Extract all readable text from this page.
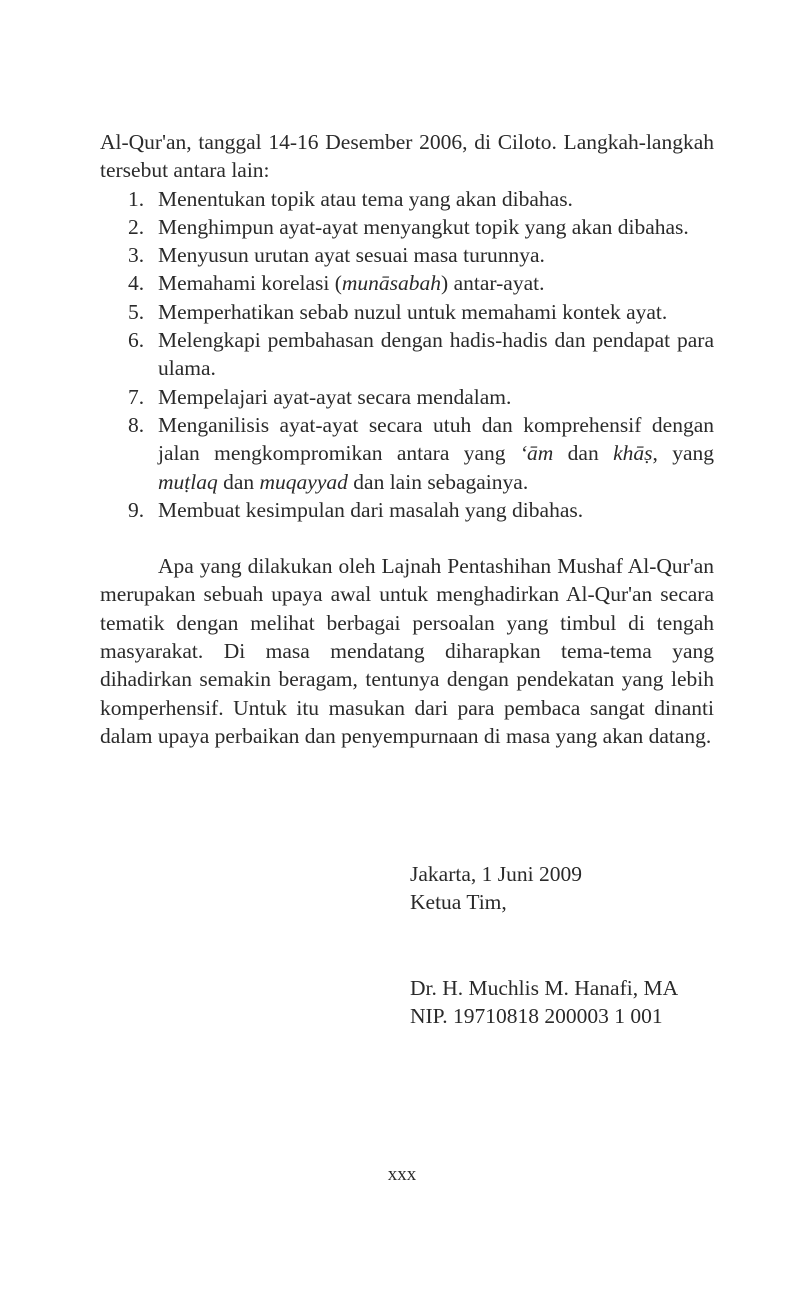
Al-Qur'an, tanggal 14-16 Desember 2006, di Ciloto. Langkah-langkah tersebut antara lain:

1. Menentukan topik atau tema yang akan dibahas.
2. Menghimpun ayat-ayat menyangkut topik yang akan dibahas.
3. Menyusun urutan ayat sesuai masa turunnya.
4. Memahami korelasi (munāsabah) antar-ayat.
5. Memperhatikan sebab nuzul untuk memahami kontek ayat.
6. Melengkapi pembahasan dengan hadis-hadis dan pendapat para ulama.
7. Mempelajari ayat-ayat secara mendalam.
8. Menganilisis ayat-ayat secara utuh dan komprehensif dengan jalan mengkompromikan antara yang ‘ām dan khāṣ, yang muṭlaq dan muqayyad dan lain sebagainya.
9. Membuat kesimpulan dari masalah yang dibahas.

Apa yang dilakukan oleh Lajnah Pentashihan Mushaf Al-Qur'an merupakan sebuah upaya awal untuk menghadirkan Al-Qur'an secara tematik dengan melihat berbagai persoalan yang timbul di tengah masyarakat. Di masa mendatang diharapkan tema-tema yang dihadirkan semakin beragam, tentunya dengan pendekatan yang lebih komperhensif. Untuk itu masukan dari para pembaca sangat dinanti dalam upaya perbaikan dan penyempurnaan di masa yang akan datang.

Jakarta, 1 Juni 2009
Ketua Tim,
Dr. H. Muchlis M. Hanafi, MA
NIP. 19710818 200003 1 001
xxx
